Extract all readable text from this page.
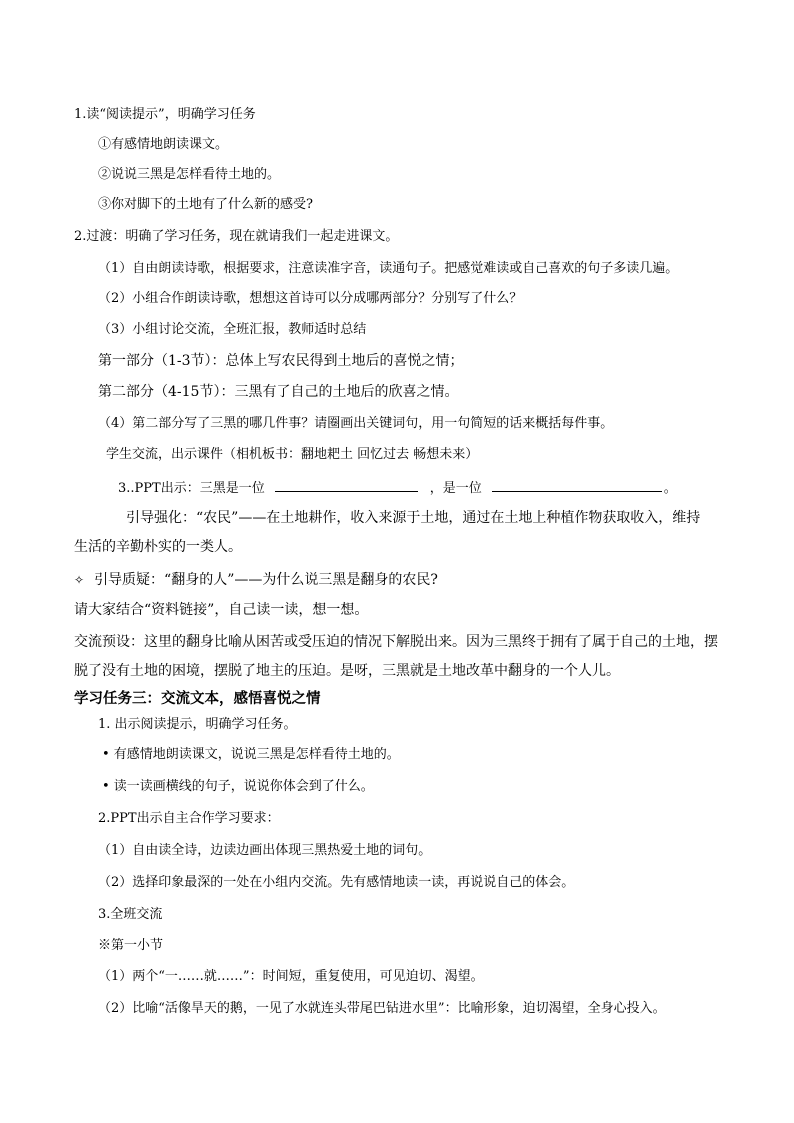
1.读“阅读提示”，明确学习任务
①有感情地朗读课文。
②说说三黑是怎样看待土地的。
③你对脚下的土地有了什么新的感受?
2.过渡：明确了学习任务，现在就请我们一起走进课文。
（1）自由朗读诗歌，根据要求，注意读准字音，读通句子。把感觉难读或自己喜欢的句子多读几遍。
（2）小组合作朗读诗歌，想想这首诗可以分成哪两部分？分别写了什么？
（3）小组讨论交流，全班汇报，教师适时总结
第一部分（1-3节）：总体上写农民得到土地后的喜悦之情；
第二部分（4-15节）：三黑有了自己的土地后的欣喜之情。
（4）第二部分写了三黑的哪几件事？请圈画出关键词句，用一句简短的话来概括每件事。
学生交流，出示课件（相机板书：翻地耙土 回忆过去 畅想未来）
3..PPT出示：三黑是一位	，是一位	。
引导强化：“农民”——在土地耕作，收入来源于土地，通过在土地上种植作物获取收入，维持
生活的辛勤朴实的一类人。
✧ 引导质疑：“翻身的人”——为什么说三黑是翻身的农民?
请大家结合“资料链接”，自己读一读，想一想。
交流预设：这里的翻身比喻从困苦或受压迫的情况下解脱出来。因为三黑终于拥有了属于自己的土地，摆
脱了没有土地的困境，摆脱了地主的压迫。是呀，三黑就是土地改革中翻身的一个人儿。
学习任务三：交流文本，感悟喜悦之情
1. 出示阅读提示，明确学习任务。
• 有感情地朗读课文，说说三黑是怎样看待土地的。
• 读一读画横线的句子，说说你体会到了什么。
2.PPT出示自主合作学习要求：
（1）自由读全诗，边读边画出体现三黑热爱土地的词句。
（2）选择印象最深的一处在小组内交流。先有感情地读一读，再说说自己的体会。
3.全班交流
※第一小节
（1）两个“一……就……”：时间短，重复使用，可见迫切、渴望。
（2）比喻“活像旱天的鹅，一见了水就连头带尾巴钻进水里”：比喻形象，迫切渴望，全身心投入。
